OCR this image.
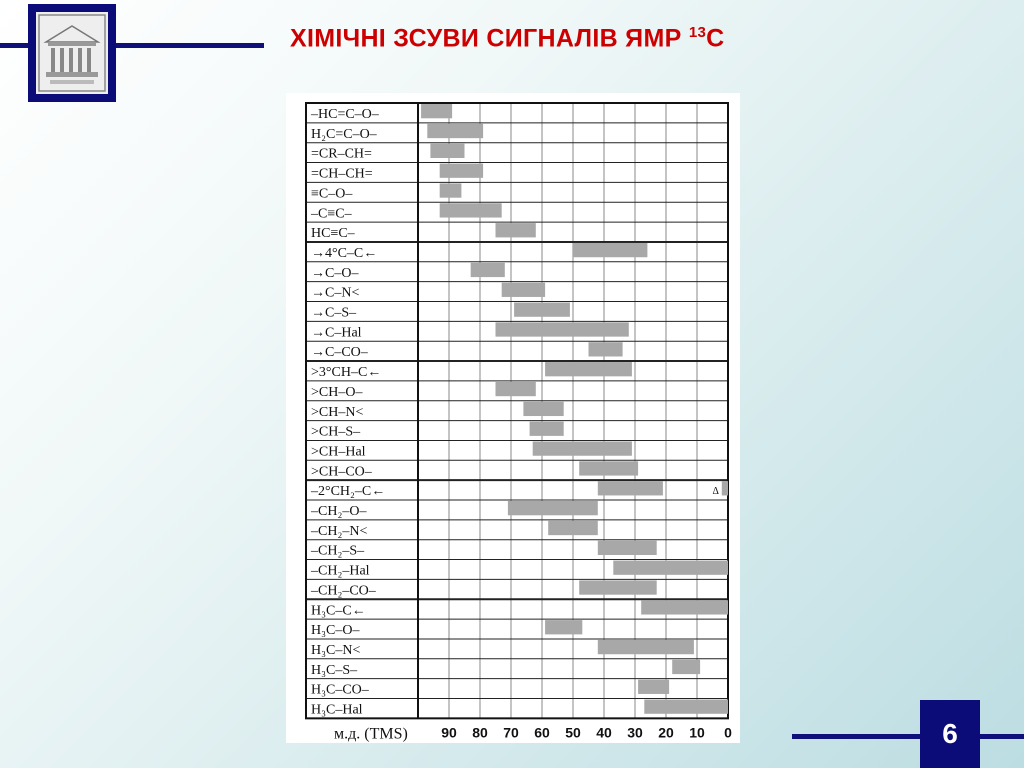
ХІМІЧНІ ЗСУВИ СИГНАЛІВ ЯМР $^{13}$C
–HC=C–O–
H₂C=C–O–
=CR–CH=
=CH–CH=
≡C–O–
–C≡C–
HC≡C–
→4°C–C←
→C–O–
→C–N<
→C–S–
→C–Hal
→C–CO–
>3°CH–C←
>CH–O–
>CH–N<
>CH–S–
>CH–Hal
>CH–CO–
Δ
–2°CH₂–C←
–CH₂–O–
–CH₂–N<
–CH₂–S–
–CH₂–Hal
–CH₂–CO–
H₃C–C←
H₃C–O–
H₃C–N<
H₃C–S–
H₃C–CO–
H₃C–Hal
м.д. (TMS) 90 80 70 60 50 40 30 20 10 0	6
